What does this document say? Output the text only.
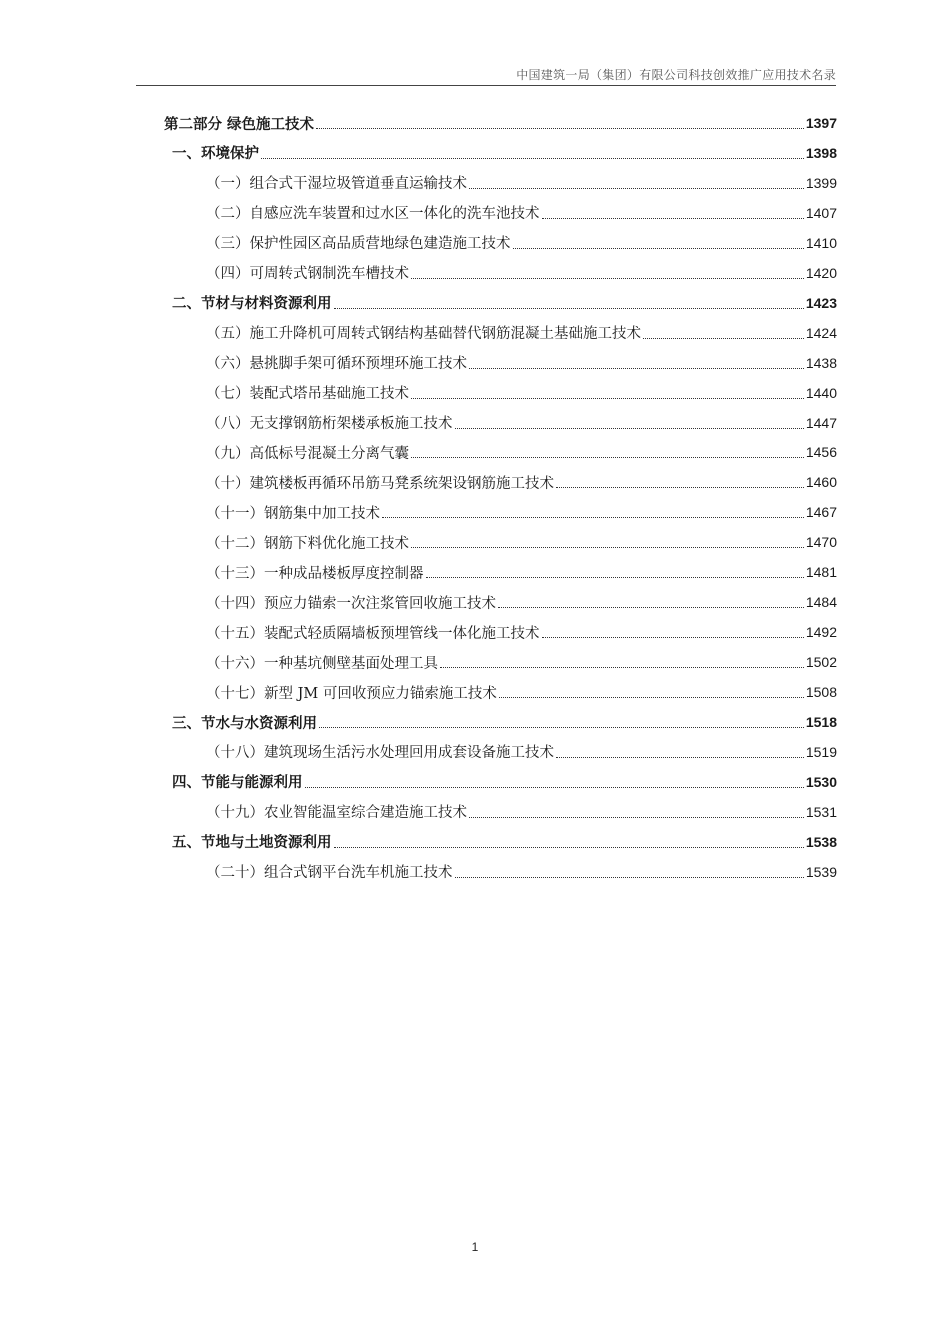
中国建筑一局（集团）有限公司科技创效推广应用技术名录
第二部分 绿色施工技术	1397
一、环境保护	1398
（一）组合式干湿垃圾管道垂直运输技术	1399
（二）自感应洗车装置和过水区一体化的洗车池技术	1407
（三）保护性园区高品质营地绿色建造施工技术	1410
（四）可周转式钢制洗车槽技术	1420
二、节材与材料资源利用	1423
（五）施工升降机可周转式钢结构基础替代钢筋混凝土基础施工技术	1424
（六）悬挑脚手架可循环预埋环施工技术	1438
（七）装配式塔吊基础施工技术	1440
（八）无支撑钢筋桁架楼承板施工技术	1447
（九）高低标号混凝土分离气囊	1456
（十）建筑楼板再循环吊筋马凳系统架设钢筋施工技术	1460
（十一）钢筋集中加工技术	1467
（十二）钢筋下料优化施工技术	1470
（十三）一种成品楼板厚度控制器	1481
（十四）预应力锚索一次注浆管回收施工技术	1484
（十五）装配式轻质隔墙板预埋管线一体化施工技术	1492
（十六）一种基坑侧壁基面处理工具	1502
（十七）新型 JM 可回收预应力锚索施工技术	1508
三、节水与水资源利用	1518
（十八）建筑现场生活污水处理回用成套设备施工技术	1519
四、节能与能源利用	1530
（十九）农业智能温室综合建造施工技术	1531
五、节地与土地资源利用	1538
（二十）组合式钢平台洗车机施工技术	1539
1
